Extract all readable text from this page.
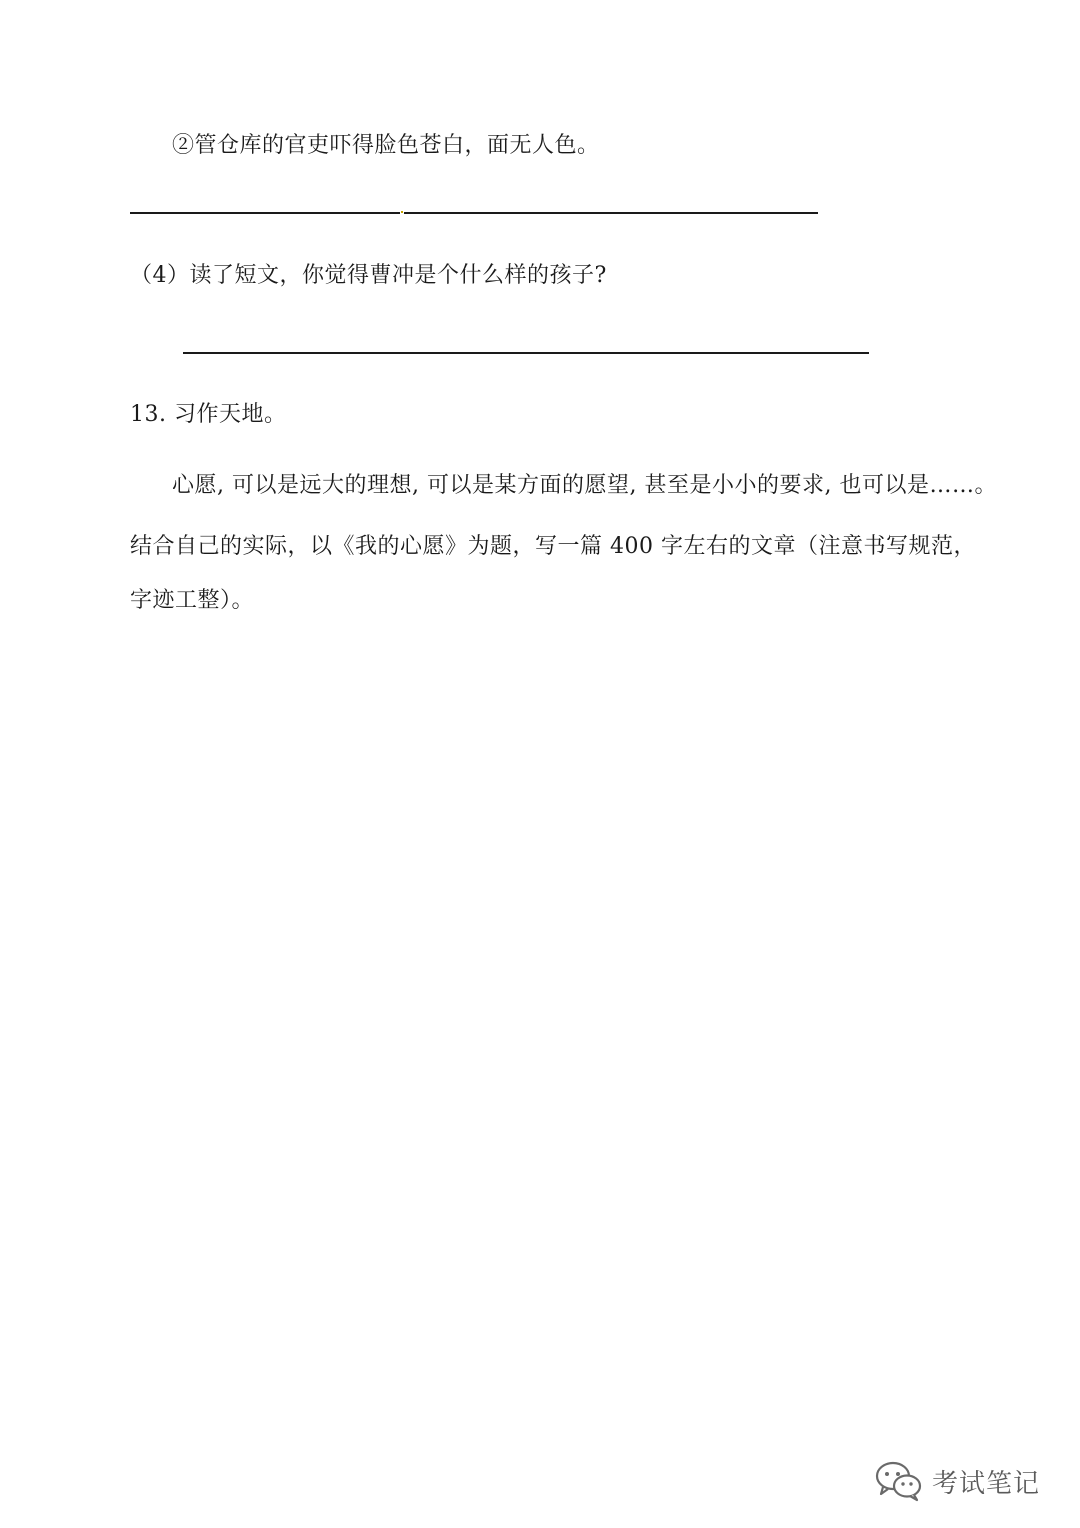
②管仓库的官吏吓得脸色苍白，面无人色。
（4）读了短文，你觉得曹冲是个什么样的孩子?
13. 习作天地。
心愿, 可以是远大的理想, 可以是某方面的愿望, 甚至是小小的要求, 也可以是……。
结合自己的实际，以《我的心愿》为题，写一篇 400 字左右的文章（注意书写规范，
字迹工整）。
考试笔记
